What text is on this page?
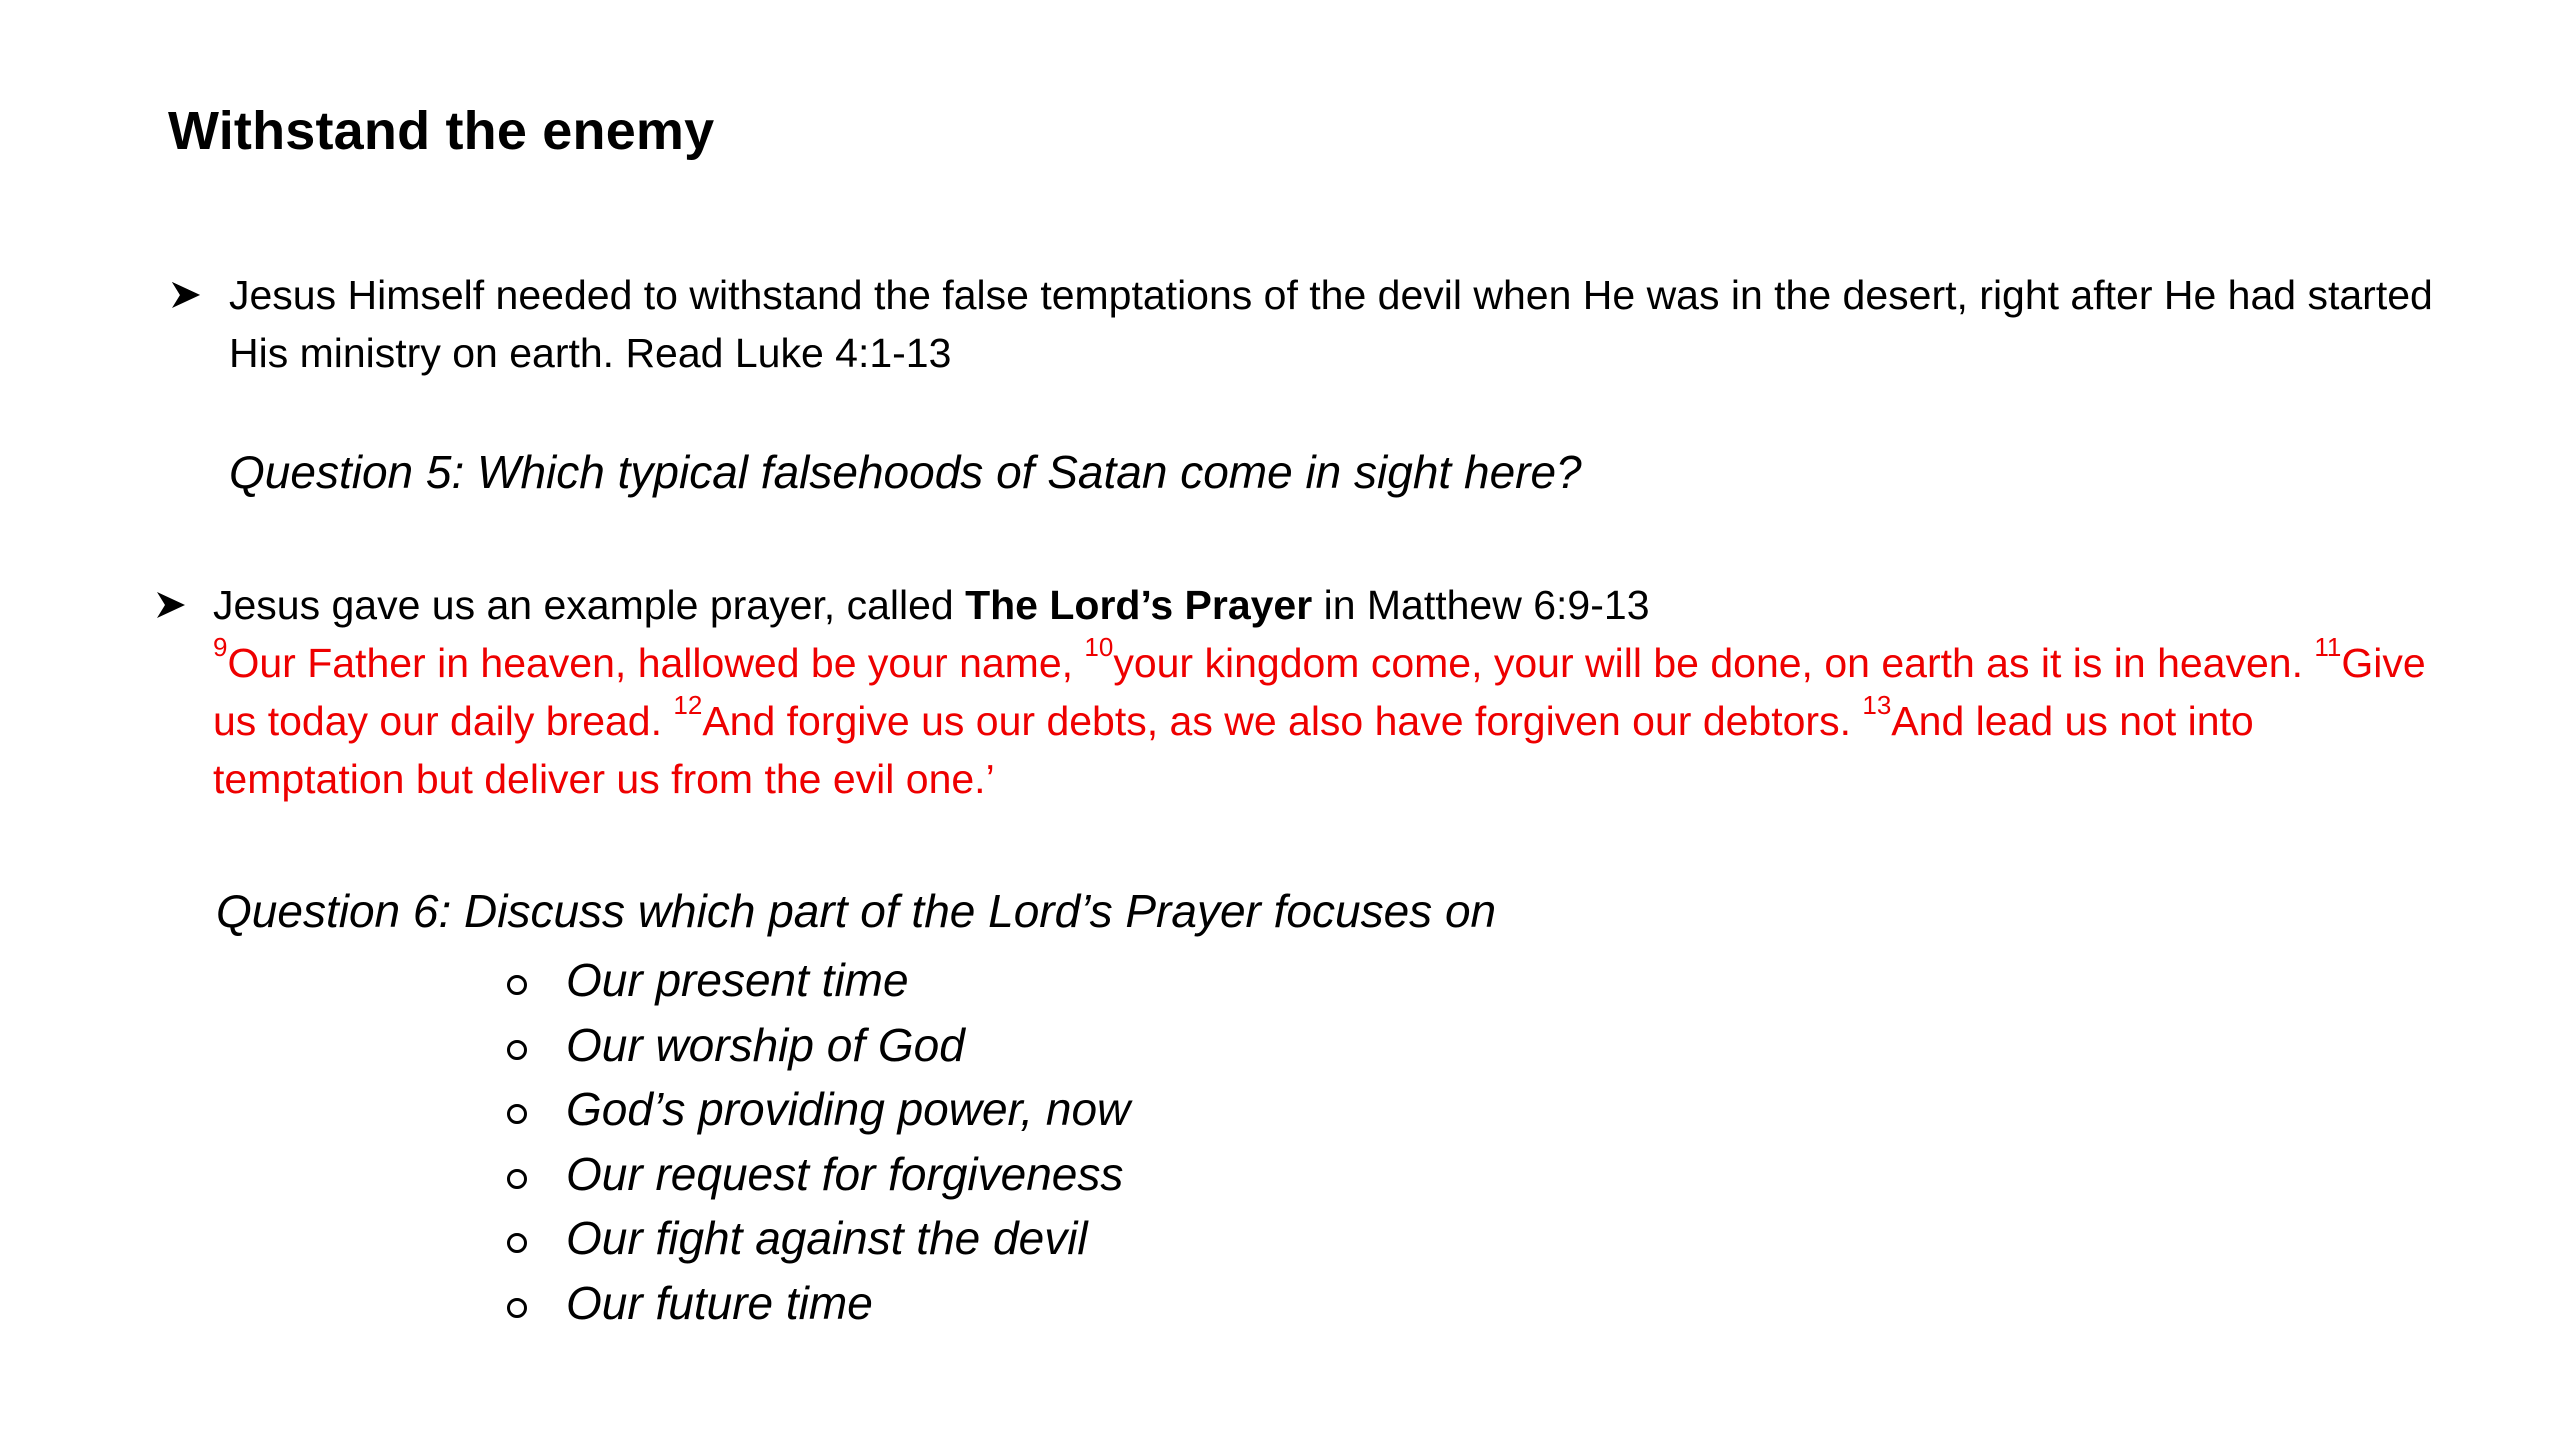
Withstand the enemy
Jesus Himself needed to withstand the false temptations of the devil when He was in the desert, right after He had started His ministry on earth. Read Luke 4:1-13
Question 5: Which typical falsehoods of Satan come in sight here?
Jesus gave us an example prayer, called The Lord’s Prayer in Matthew 6:9-13
$^9$Our Father in heaven, hallowed be your name, $^{10}$your kingdom come, your will be done, on earth as it is in heaven. $^{11}$Give us today our daily bread. $^{12}$And forgive us our debts, as we also have forgiven our debtors. $^{13}$And lead us not into temptation but deliver us from the evil one.’
Question 6: Discuss which part of the Lord’s Prayer focuses on
Our present time
Our worship of God
God’s providing power, now
Our request for forgiveness
Our fight against the devil
Our future time
